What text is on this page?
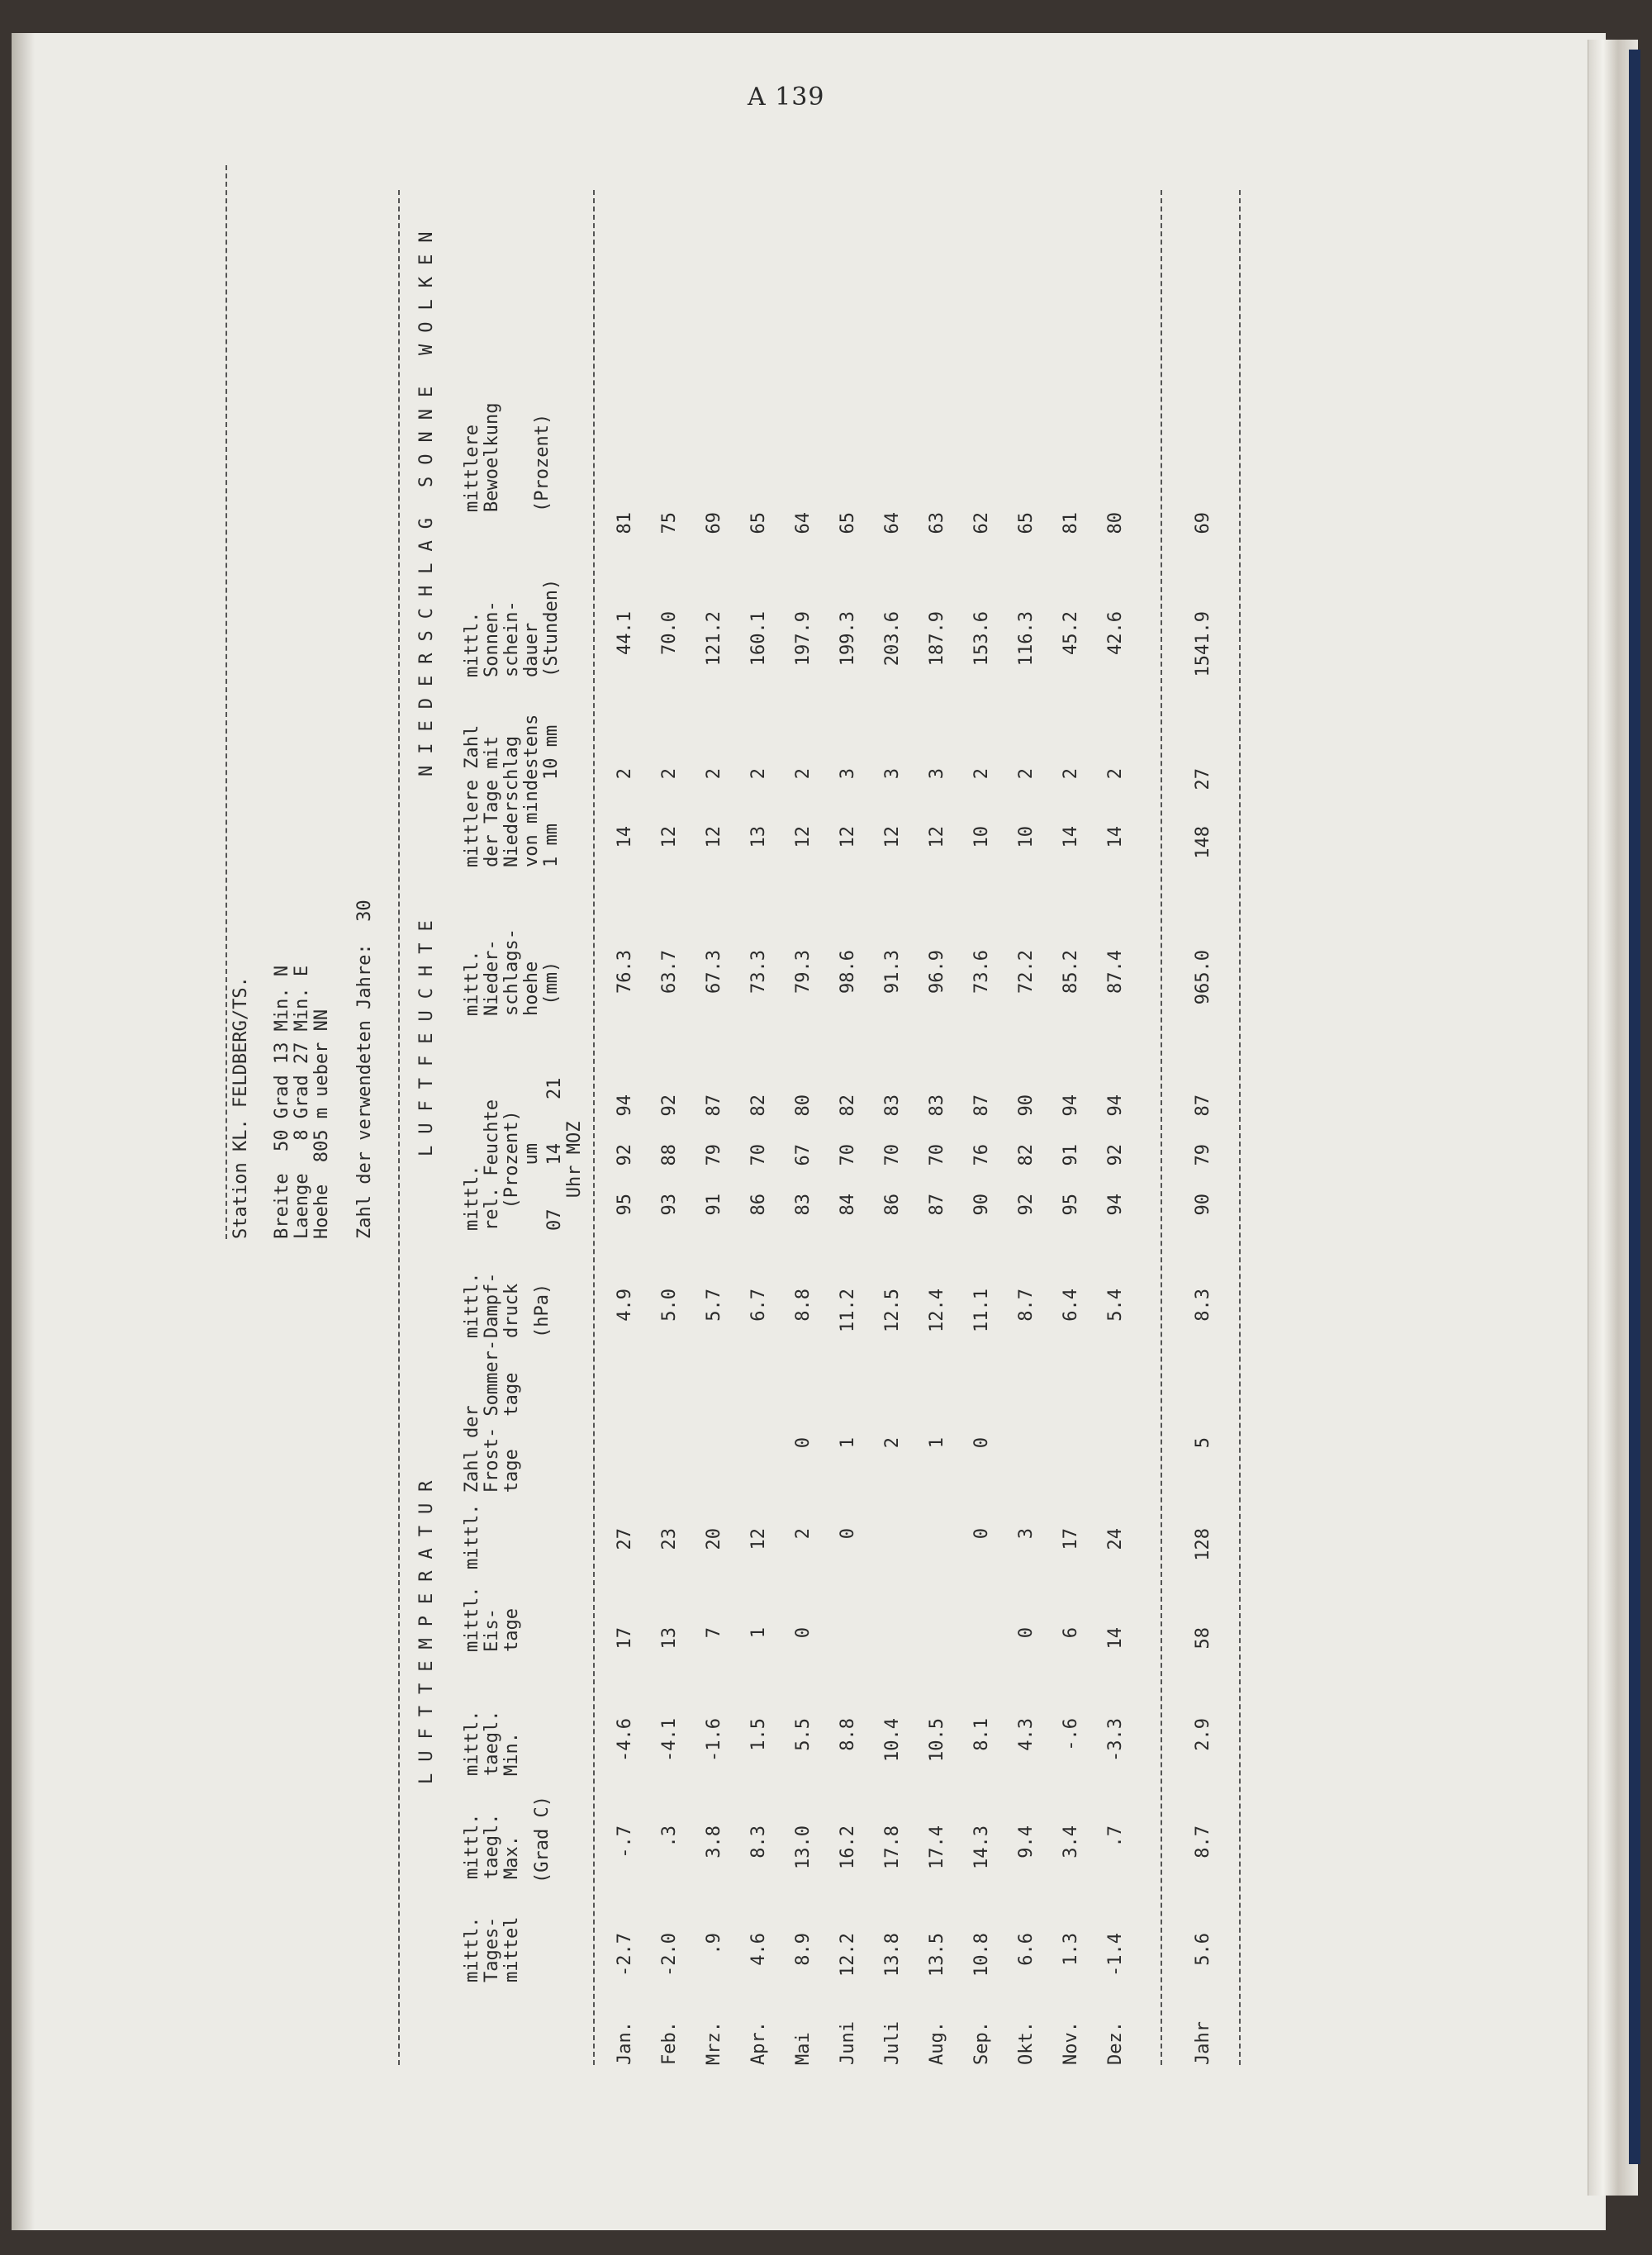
A 139
Station KL. FELDBERG/TS. Breite  50 Grad 13 Min. N Laenge   8 Grad 27 Min. E Hoehe  805 m ueber NN Zahl der verwendeten Jahre:  30
LUFTTEMPERATUR
LUFTFEUCHTE
NIEDERSCHLAG
SONNE
WOLKEN
mittl.
Tages-
mittel
mittl.
taegl.
Max.
mittl.
taegl.
Min.
(Grad C)
mittl.
Eis-
tage
mittl. Zahl der
Frost- Sommer-
tage   tage
mittl.
Dampf-
druck (hPa)
mittl.
rel. Feuchte
(Prozent)
um 07    14    21 Uhr MOZ
mittl.
Nieder-
schlags-
hoehe
(mm)
mittlere Zahl
der Tage mit
Niederschlag
von mindestens
1 mm    10 mm
mittl.
Sonnen-
schein-
dauer
(Stunden)
mittlere
Bewoelkung (Prozent)
Jan.
-2.7
-.7
-4.6
17
27
4.9
95
92
94
76.3
14
2
44.1
81
Feb.
-2.0
.3
-4.1
13
23
5.0
93
88
92
63.7
12
2
70.0
75
Mrz.
.9
3.8
-1.6
7
20
5.7
91
79
87
67.3
12
2
121.2
69
Apr.
4.6
8.3
1.5
1
12
6.7
86
70
82
73.3
13
2
160.1
65
Mai
8.9
13.0
5.5
0
2
0
8.8
83
67
80
79.3
12
2
197.9
64
Juni
12.2
16.2
8.8
0
1
11.2
84
70
82
98.6
12
3
199.3
65
Juli
13.8
17.8
10.4
2
12.5
86
70
83
91.3
12
3
203.6
64
Aug.
13.5
17.4
10.5
1
12.4
87
70
83
96.9
12
3
187.9
63
Sep.
10.8
14.3
8.1
0
0
11.1
90
76
87
73.6
10
2
153.6
62
Okt.
6.6
9.4
4.3
0
3
8.7
92
82
90
72.2
10
2
116.3
65
Nov.
1.3
3.4
-.6
6
17
6.4
95
91
94
85.2
14
2
45.2
81
Dez.
-1.4
.7
-3.3
14
24
5.4
94
92
94
87.4
14
2
42.6
80
Jahr
5.6
8.7
2.9
58
128
5
8.3
90
79
87
965.0
148
27
1541.9
69
